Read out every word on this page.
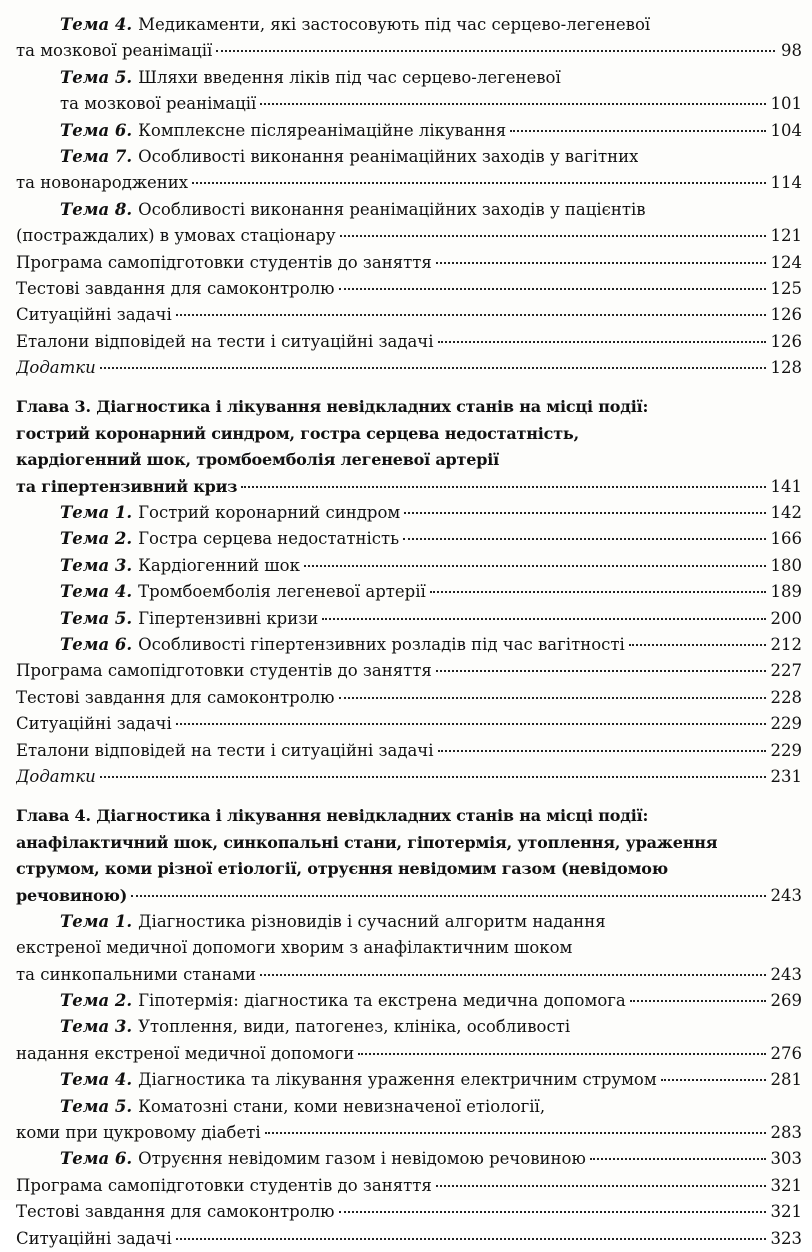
Тема 4. Медикаменти, які застосовують під час серцево-легеневої
та мозкової реанімації	98
Тема 5. Шляхи введення ліків під час серцево-легеневої
та мозкової реанімації	101
Тема 6. Комплексне післяреанімаційне лікування	104
Тема 7. Особливості виконання реанімаційних заходів у вагітних
та новонароджених	114
Тема 8. Особливості виконання реанімаційних заходів у пацієнтів
(постраждалих) в умовах стаціонару	121
Програма самопідготовки студентів до заняття	124
Тестові завдання для самоконтролю	125
Ситуаційні задачі	126
Еталони відповідей на тести і ситуаційні задачі	126
Додатки	128
Глава 3. Діагностика і лікування невідкладних станів на місці події:
гострий коронарний синдром, гостра серцева недостатність,
кардіогенний шок, тромбоемболія легеневої артерії
та гіпертензивний криз	141
Тема 1. Гострий коронарний синдром	142
Тема 2. Гостра серцева недостатність	166
Тема 3. Кардіогенний шок	180
Тема 4. Тромбоемболія легеневої артерії	189
Тема 5. Гіпертензивні кризи	200
Тема 6. Особливості гіпертензивних розладів під час вагітності	212
Програма самопідготовки студентів до заняття	227
Тестові завдання для самоконтролю	228
Ситуаційні задачі	229
Еталони відповідей на тести і ситуаційні задачі	229
Додатки	231
Глава 4. Діагностика і лікування невідкладних станів на місці події:
анафілактичний шок, синкопальні стани, гіпотермія, утоплення, ураження
струмом, коми різної етіології, отруєння невідомим газом (невідомою
речовиною)	243
Тема 1. Діагностика різновидів і сучасний алгоритм надання
екстреної медичної допомоги хворим з анафілактичним шоком
та синкопальними станами	243
Тема 2. Гіпотермія: діагностика та екстрена медична допомога	269
Тема 3. Утоплення, види, патогенез, клініка, особливості
надання екстреної медичної допомоги	276
Тема 4. Діагностика та лікування ураження електричним струмом	281
Тема 5. Коматозні стани, коми невизначеної етіології,
коми при цукровому діабеті	283
Тема 6. Отруєння невідомим газом і невідомою речовиною	303
Програма самопідготовки студентів до заняття	321
Тестові завдання для самоконтролю	321
Ситуаційні задачі	323
